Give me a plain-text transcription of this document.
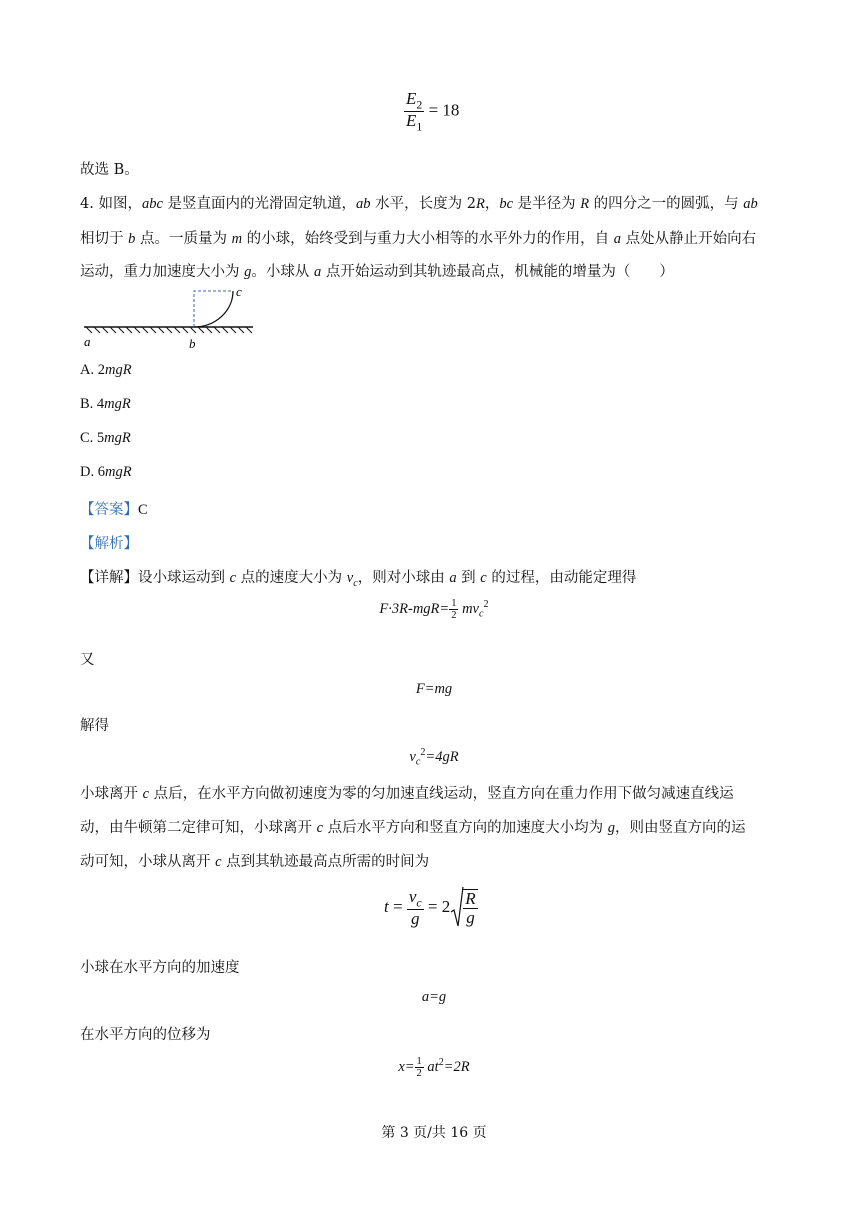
$\frac{E_2}{E_1} = 18$
故选 B。
4. 如图，abc 是竖直面内的光滑固定轨道，ab 水平，长度为 2R，bc 是半径为 R 的四分之一的圆弧，与 ab
相切于 b 点。一质量为 m 的小球，始终受到与重力大小相等的水平外力的作用，自 a 点处从静止开始向右
运动，重力加速度大小为 g。小球从 a 点开始运动到其轨迹最高点，机械能的增量为（　　）
c
a	b
A. 2mgR
B. 4mgR
C. 5mgR
D. 6mgR
【答案】C
【解析】
【详解】设小球运动到 c 点的速度大小为 $v_c$，则对小球由 a 到 c 的过程，由动能定理得
$F\cdot 3R-mgR= \frac{1}{2} mv_c^2$
又
F=mg
解得
$v_c^2=4gR$
小球离开 c 点后，在水平方向做初速度为零的匀加速直线运动，竖直方向在重力作用下做匀减速直线运
动，由牛顿第二定律可知，小球离开 c 点后水平方向和竖直方向的加速度大小均为 g，则由竖直方向的运
动可知，小球从离开 c 点到其轨迹最高点所需的时间为
$t = \frac{v_c}{g} = 2 \frac{R}{g}$
小球在水平方向的加速度
a=g
在水平方向的位移为
$x= \frac{1}{2} at^2=2R$
第 3 页/共 16 页
